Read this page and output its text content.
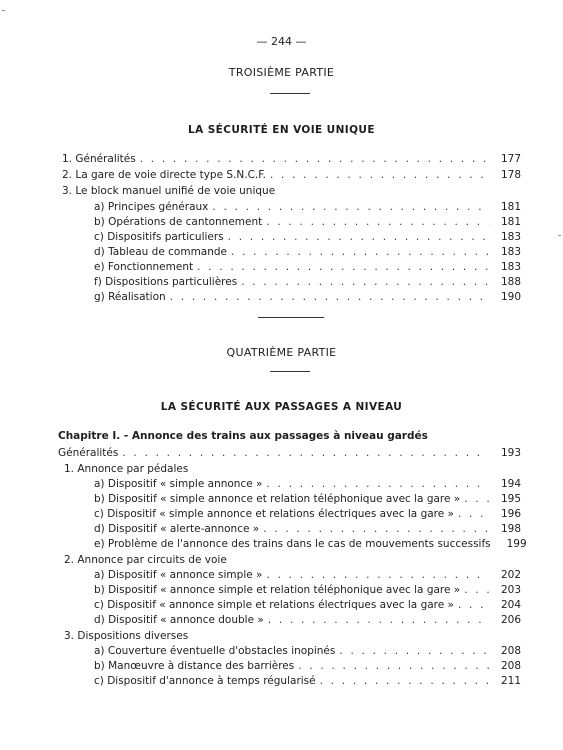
— 244 —
TROISIÈME PARTIE
LA SÉCURITÉ EN VOIE UNIQUE
1. Généralités . . .	177
2. La gare de voie directe type S.N.C.F. . . .	178
3. Le block manuel unifié de voie unique
a) Principes généraux . . .	181
b) Opérations de cantonnement . . .	181
c) Dispositifs particuliers . . .	183
d) Tableau de commande . . .	183
e) Fonctionnement . . .	183
f) Dispositions particulières . . .	188
g) Réalisation . . .	190
QUATRIÈME PARTIE
LA SÉCURITÉ AUX PASSAGES A NIVEAU
Chapitre I. - Annonce des trains aux passages à niveau gardés
Généralités . . .	193
1. Annonce par pédales
a) Dispositif « simple annonce » . . .	194
b) Dispositif « simple annonce et relation téléphonique avec la gare » . . .	195
c) Dispositif « simple annonce et relations électriques avec la gare » . . .	196
d) Dispositif « alerte-annonce » . . .	198
e) Problème de l'annonce des trains dans le cas de mouvements successifs	199
2. Annonce par circuits de voie
a) Dispositif « annonce simple » . . .	202
b) Dispositif « annonce simple et relation téléphonique avec la gare » . . .	203
c) Dispositif « annonce simple et relations électriques avec la gare » . . .	204
d) Dispositif « annonce double » . . .	206
3. Dispositions diverses
a) Couverture éventuelle d'obstacles inopinés . . .	208
b) Manœuvre à distance des barrières . . .	208
c) Dispositif d'annonce à temps régularisé . . .	211
